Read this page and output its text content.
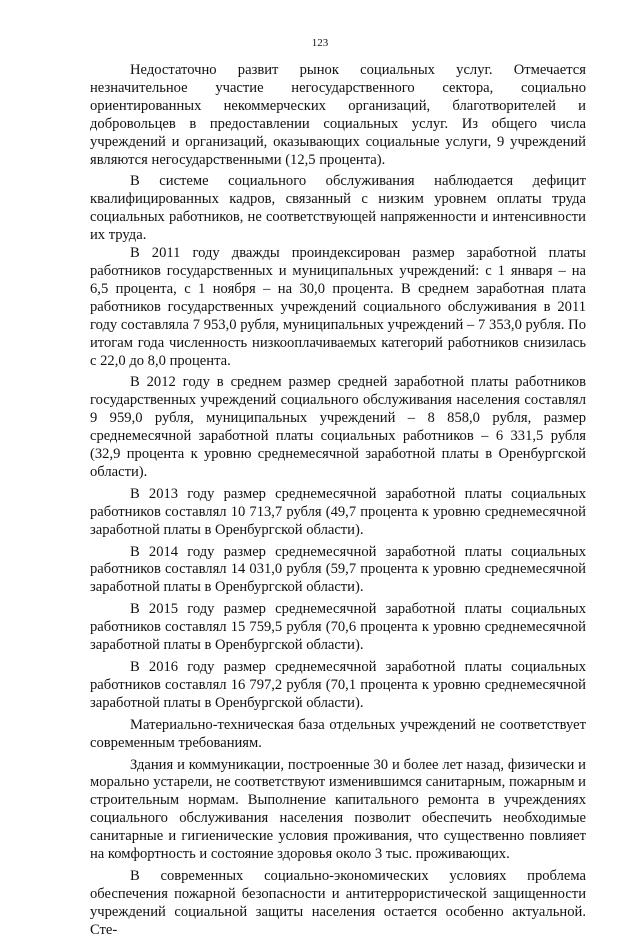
123

Недостаточно развит рынок социальных услуг. Отмечается незначительное участие негосударственного сектора, социально ориентированных некоммерческих организаций, благотворителей и добровольцев в предоставлении социальных услуг. Из общего числа учреждений и организаций, оказывающих социальные услуги, 9 учреждений являются негосударственными (12,5 процента).

В системе социального обслуживания наблюдается дефицит квалифицированных кадров, связанный с низким уровнем оплаты труда социальных работников, не соответствующей напряженности и интенсивности их труда.

В 2011 году дважды проиндексирован размер заработной платы работников государственных и муниципальных учреждений: с 1 января – на 6,5 процента, с 1 ноября – на 30,0 процента. В среднем заработная плата работников государственных учреждений социального обслуживания в 2011 году составляла 7 953,0 рубля, муниципальных учреждений – 7 353,0 рубля. По итогам года численность низкооплачиваемых категорий работников снизилась с 22,0 до 8,0 процента.

В 2012 году в среднем размер средней заработной платы работников государственных учреждений социального обслуживания населения составлял 9 959,0 рубля, муниципальных учреждений – 8 858,0 рубля, размер среднемесячной заработной платы социальных работников – 6 331,5 рубля (32,9 процента к уровню среднемесячной заработной платы в Оренбургской области).

В 2013 году размер среднемесячной заработной платы социальных работников составлял 10 713,7 рубля (49,7 процента к уровню среднемесячной заработной платы в Оренбургской области).

В 2014 году размер среднемесячной заработной платы социальных работников составлял 14 031,0 рубля (59,7 процента к уровню среднемесячной заработной платы в Оренбургской области).

В 2015 году размер среднемесячной заработной платы социальных работников составлял 15 759,5 рубля (70,6 процента к уровню среднемесячной заработной платы в Оренбургской области).

В 2016 году размер среднемесячной заработной платы социальных работников составлял 16 797,2 рубля (70,1 процента к уровню среднемесячной заработной платы в Оренбургской области).

Материально-техническая база отдельных учреждений не соответствует современным требованиям.

Здания и коммуникации, построенные 30 и более лет назад, физически и морально устарели, не соответствуют изменившимся санитарным, пожарным и строительным нормам. Выполнение капитального ремонта в учреждениях социального обслуживания населения позволит обеспечить необходимые санитарные и гигиенические условия проживания, что существенно повлияет на комфортность и состояние здоровья около 3 тыс. проживающих.

В современных социально-экономических условиях проблема обеспечения пожарной безопасности и антитеррористической защищенности учреждений социальной защиты населения остается особенно актуальной. Сте-
